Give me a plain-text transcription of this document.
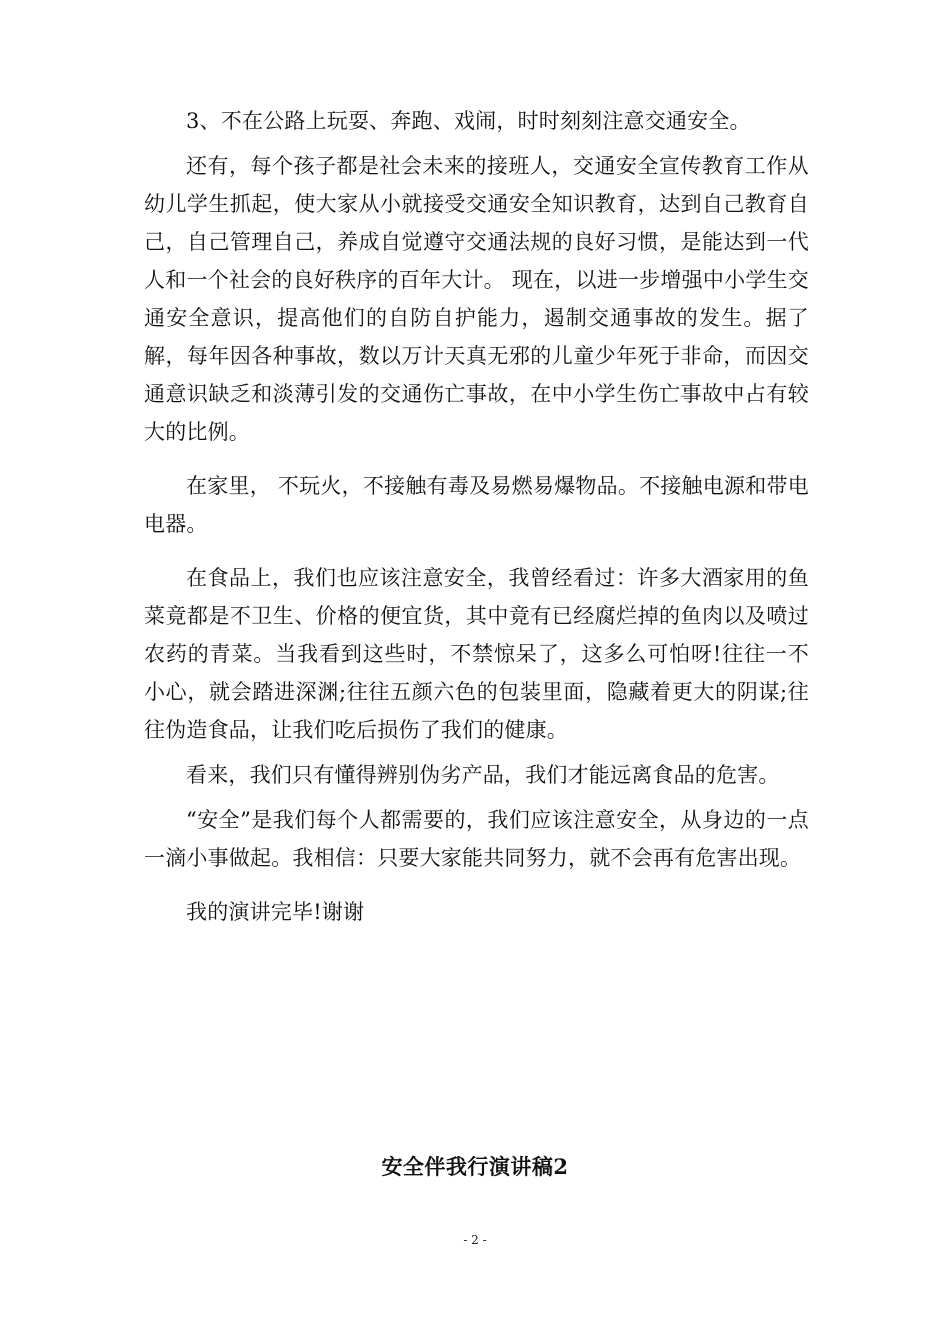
3、不在公路上玩耍、奔跑、戏闹，时时刻刻注意交通安全。

还有，每个孩子都是社会未来的接班人，交通安全宣传教育工作从幼儿学生抓起，使大家从小就接受交通安全知识教育，达到自己教育自己，自己管理自己，养成自觉遵守交通法规的良好习惯，是能达到一代人和一个社会的良好秩序的百年大计。 现在，以进一步增强中小学生交通安全意识，提高他们的自防自护能力，遏制交通事故的发生。据了解，每年因各种事故，数以万计天真无邪的儿童少年死于非命，而因交通意识缺乏和淡薄引发的交通伤亡事故，在中小学生伤亡事故中占有较大的比例。

在家里， 不玩火，不接触有毒及易燃易爆物品。不接触电源和带电电器。

在食品上，我们也应该注意安全，我曾经看过：许多大酒家用的鱼菜竟都是不卫生、价格的便宜货，其中竟有已经腐烂掉的鱼肉以及喷过农药的青菜。当我看到这些时，不禁惊呆了，这多么可怕呀!往往一不小心，就会踏进深渊;往往五颜六色的包装里面，隐藏着更大的阴谋;往往伪造食品，让我们吃后损伤了我们的健康。

看来，我们只有懂得辨别伪劣产品，我们才能远离食品的危害。

“安全”是我们每个人都需要的，我们应该注意安全，从身边的一点一滴小事做起。我相信：只要大家能共同努力，就不会再有危害出现。

我的演讲完毕!谢谢

安全伴我行演讲稿2
- 2 -
